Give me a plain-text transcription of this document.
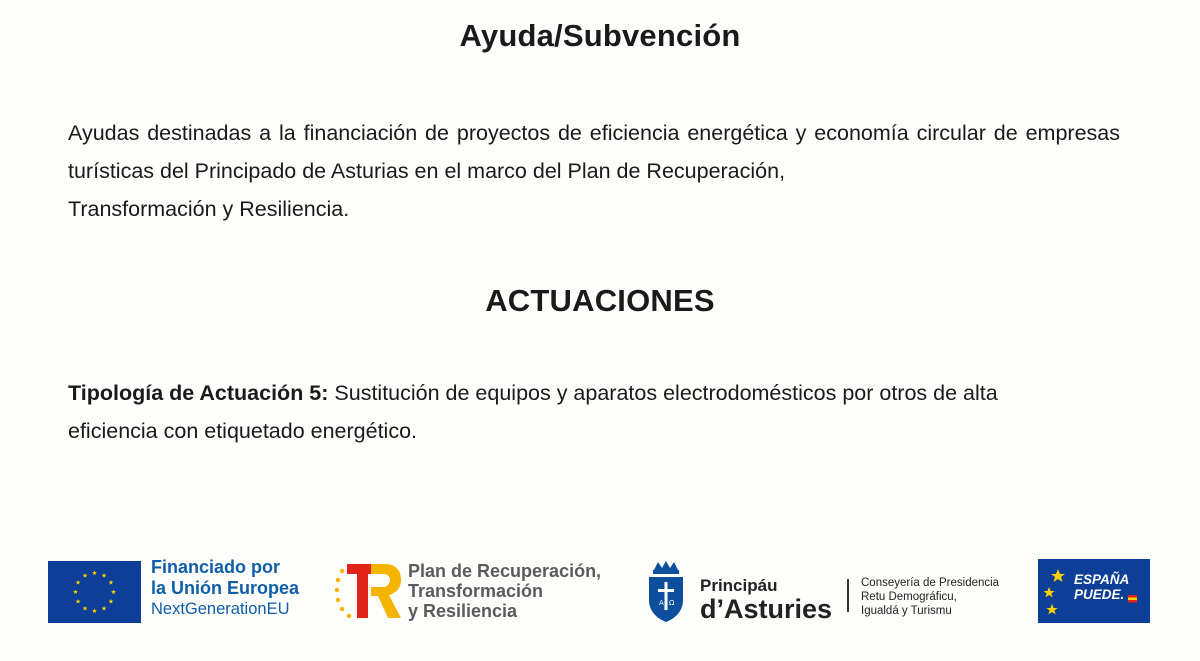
Ayuda/Subvención
Ayudas destinadas a la financiación de proyectos de eficiencia energética y economía circular de empresas turísticas del Principado de Asturias en el marco del Plan de Recuperación,
Transformación y Resiliencia.
ACTUACIONES
Tipología de Actuación 5: Sustitución de equipos y aparatos electrodomésticos por otros de alta eficiencia con etiquetado energético.
Financiado por
la Unión Europea
NextGenerationEU
Plan de Recuperación,
Transformación
y Resiliencia	A Ω
Principáu
d’Asturies
Conseyería de Presidencia
Retu Demográficu,
Igualdá y Turismu
ESPAÑA
PUEDE.
